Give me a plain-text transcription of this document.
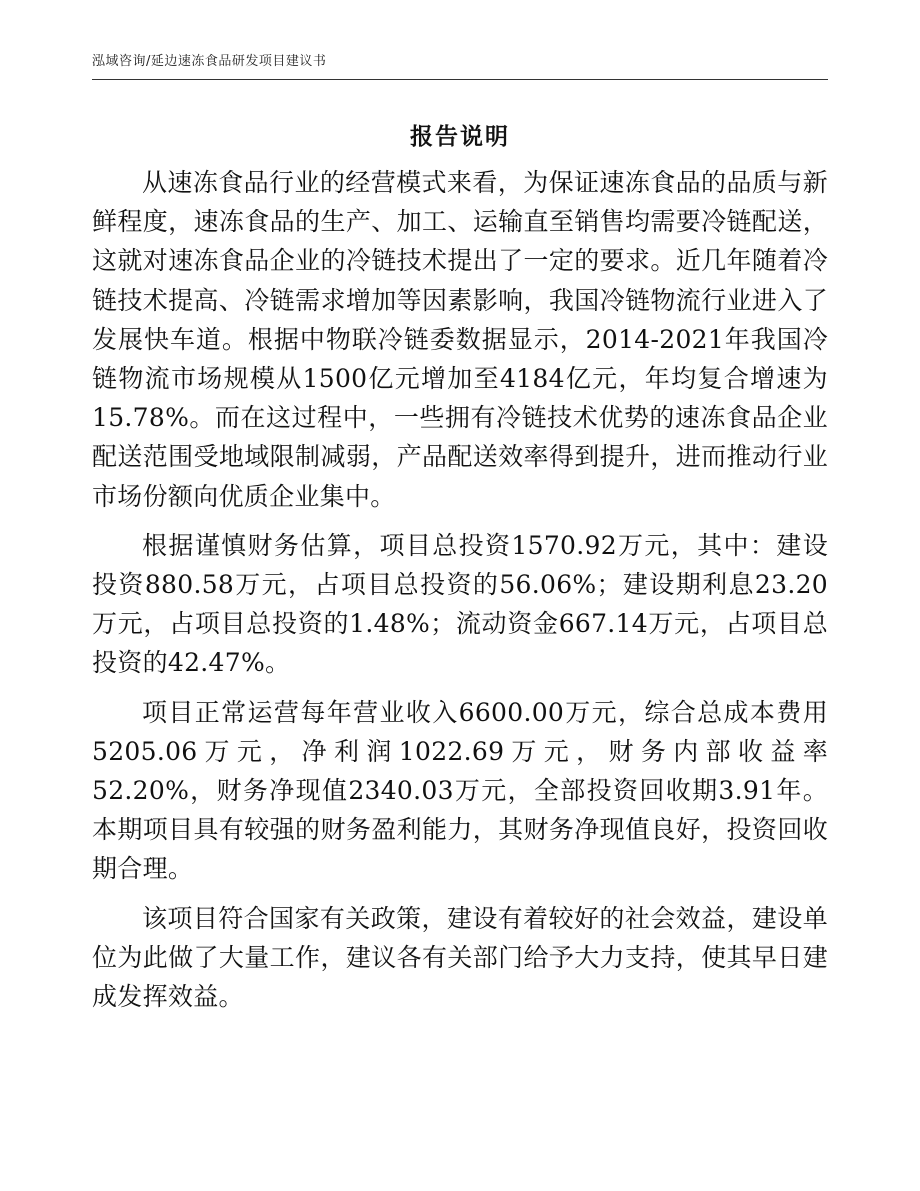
泓域咨询/延边速冻食品研发项目建议书
报告说明

从速冻食品行业的经营模式来看，为保证速冻食品的品质与新鲜程度，速冻食品的生产、加工、运输直至销售均需要冷链配送，这就对速冻食品企业的冷链技术提出了一定的要求。近几年随着冷链技术提高、冷链需求增加等因素影响，我国冷链物流行业进入了发展快车道。根据中物联冷链委数据显示，2014-2021年我国冷链物流市场规模从1500亿元增加至4184亿元，年均复合增速为15.78%。而在这过程中，一些拥有冷链技术优势的速冻食品企业配送范围受地域限制减弱，产品配送效率得到提升，进而推动行业市场份额向优质企业集中。

根据谨慎财务估算，项目总投资1570.92万元，其中：建设投资880.58万元，占项目总投资的56.06%；建设期利息23.20万元，占项目总投资的1.48%；流动资金667.14万元，占项目总投资的42.47%。

项目正常运营每年营业收入6600.00万元，综合总成本费用5205.06万元，净利润1022.69万元，财务内部收益率52.20%，财务净现值2340.03万元，全部投资回收期3.91年。本期项目具有较强的财务盈利能力，其财务净现值良好，投资回收期合理。

该项目符合国家有关政策，建设有着较好的社会效益，建设单位为此做了大量工作，建议各有关部门给予大力支持，使其早日建成发挥效益。
